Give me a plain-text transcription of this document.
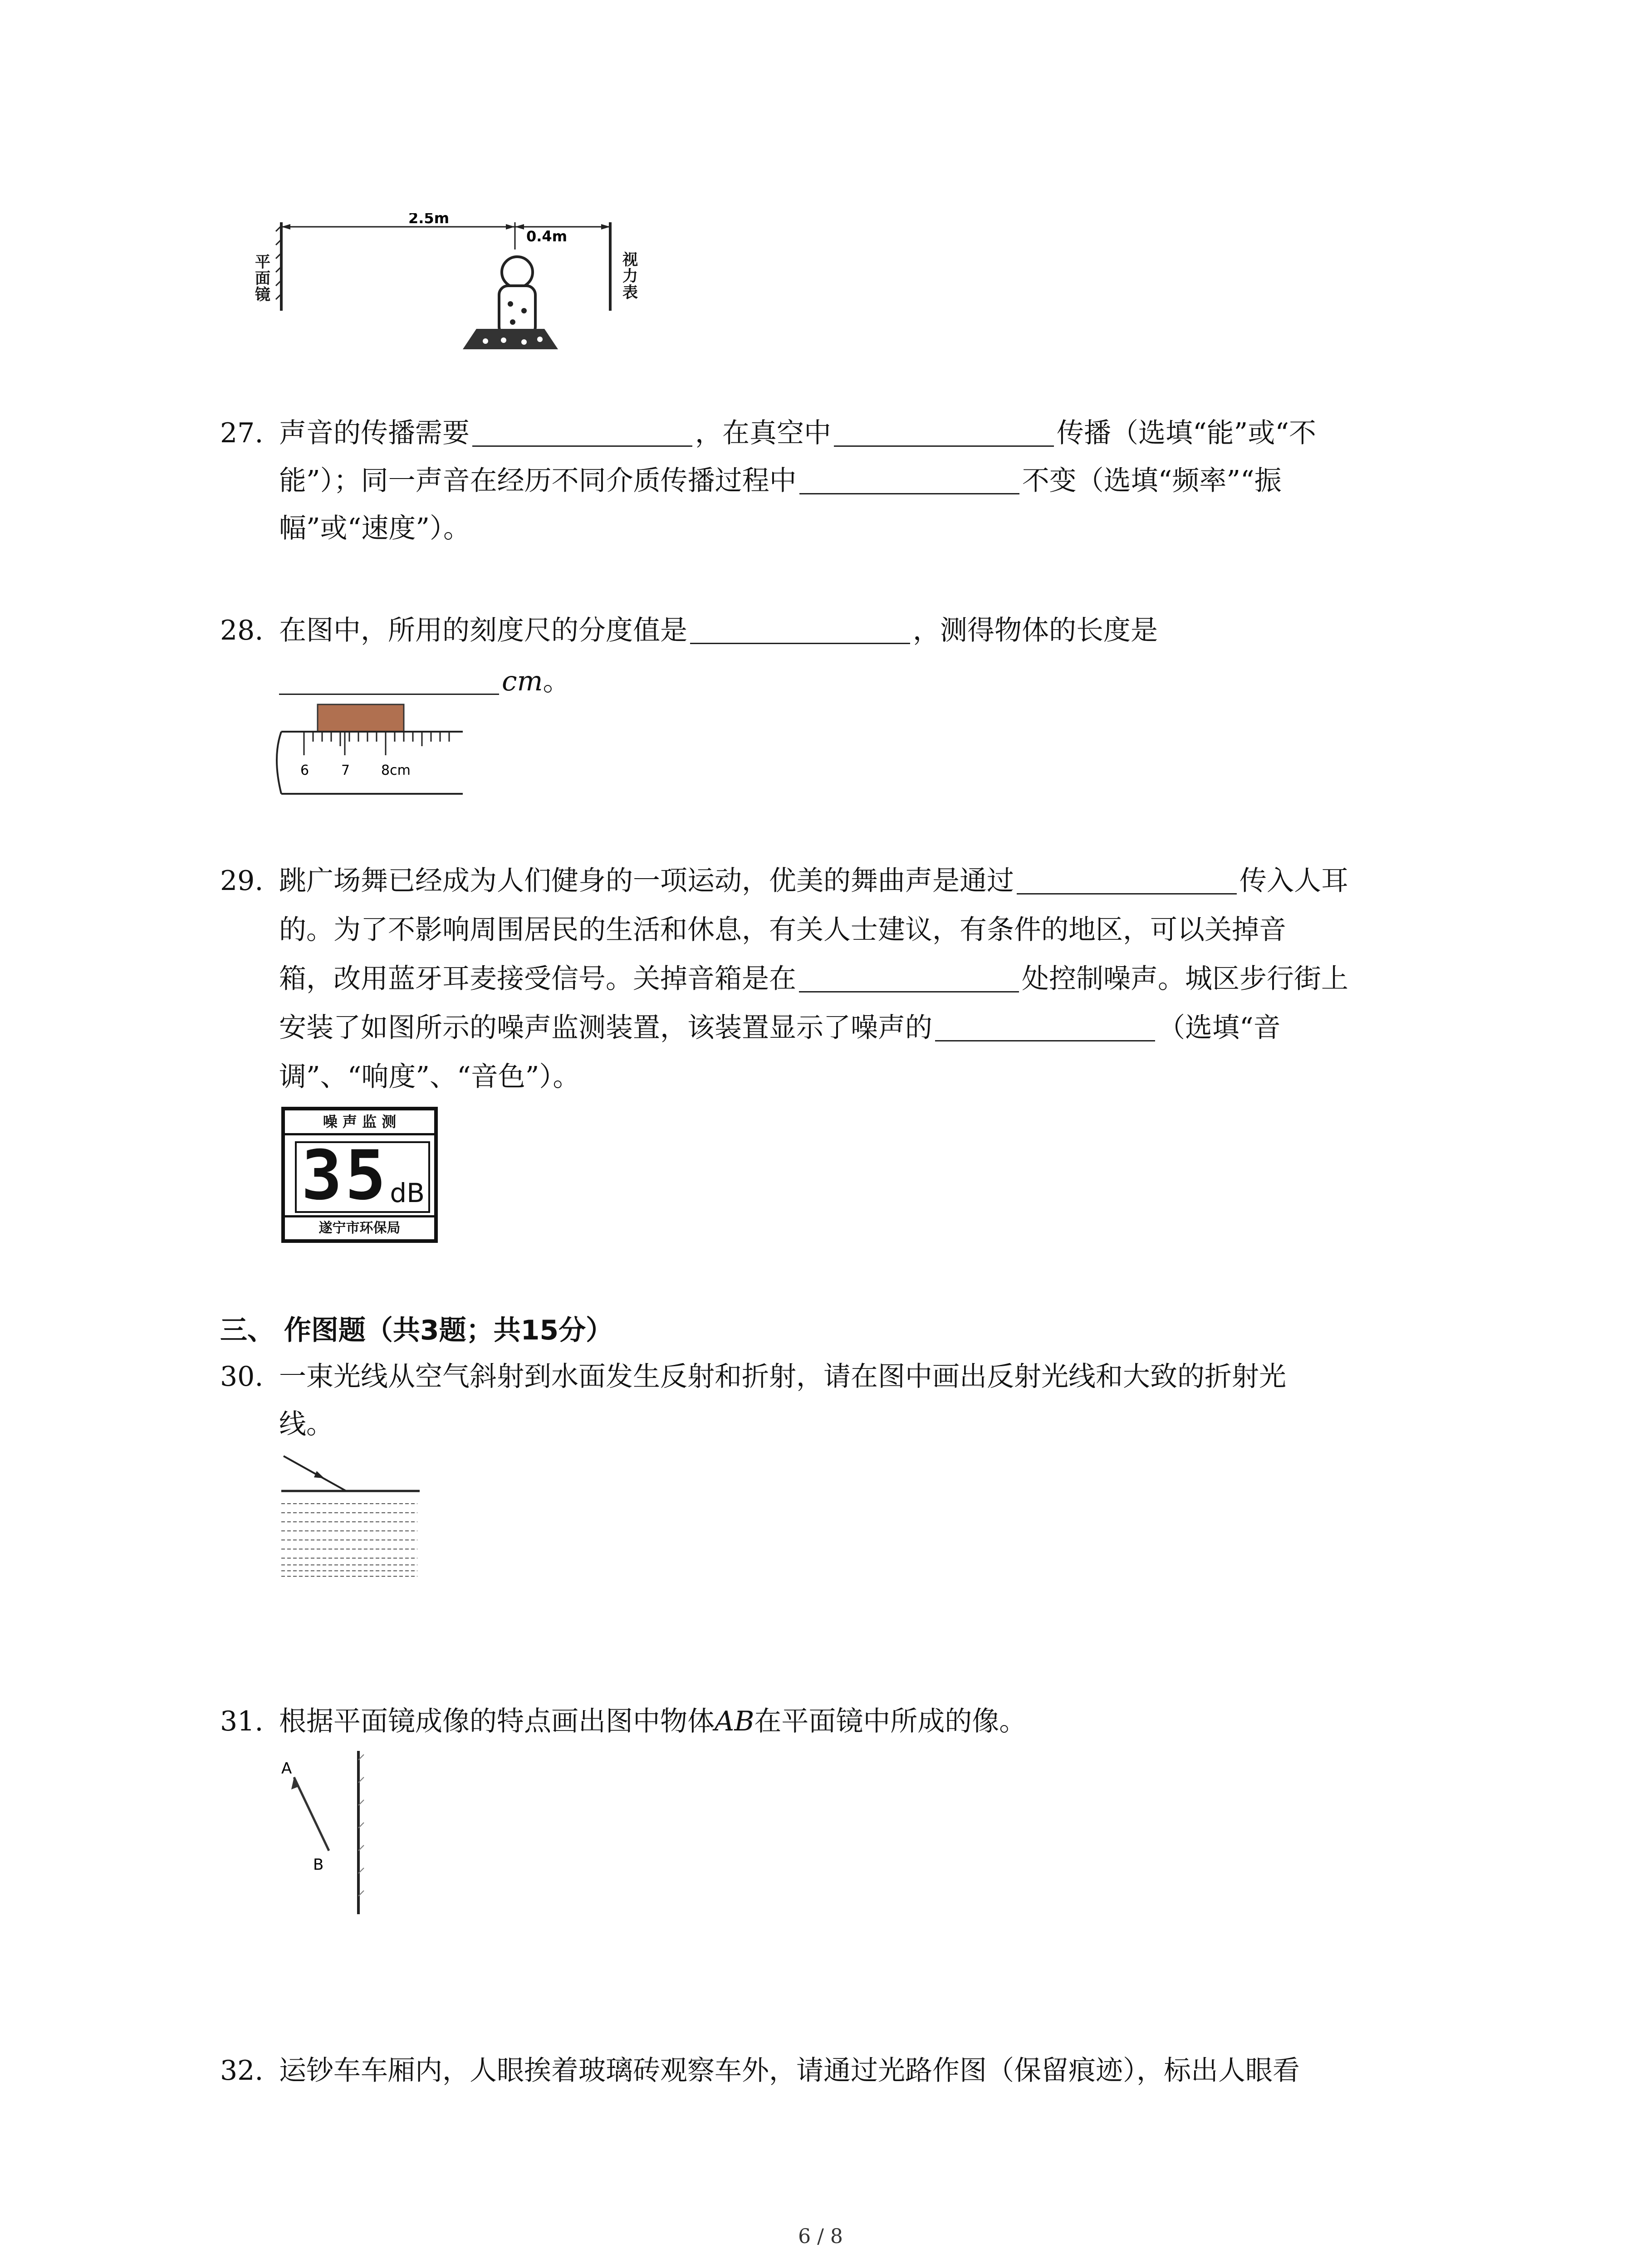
2.5m
0.4m
平面镜
视力表
27. 声音的传播需要	，在真空中	传播（选填“能”或“不
能”）；同一声音在经历不同介质传播过程中	不变（选填“频率”“振
幅”或“速度”）。
28. 在图中，所用的刻度尺的分度值是	，测得物体的长度是
cm。
6 7 8cm
29. 跳广场舞已经成为人们健身的一项运动，优美的舞曲声是通过	传入人耳
的。为了不影响周围居民的生活和休息，有关人士建议，有条件的地区，可以关掉音
箱，改用蓝牙耳麦接受信号。关掉音箱是在	处控制噪声。城区步行街上
安装了如图所示的噪声监测装置，该装置显示了噪声的	（选填“音
调”、“响度”、“音色”）。
噪 声 监 测
35 dB
遂宁市环保局
三、 作图题（共3题；共15分）
30. 一束光线从空气斜射到水面发生反射和折射，请在图中画出反射光线和大致的折射光
线。
31. 根据平面镜成像的特点画出图中物体AB在平面镜中所成的像。
A
B
32. 运钞车车厢内，人眼挨着玻璃砖观察车外，请通过光路作图（保留痕迹），标出人眼看
6 / 8
